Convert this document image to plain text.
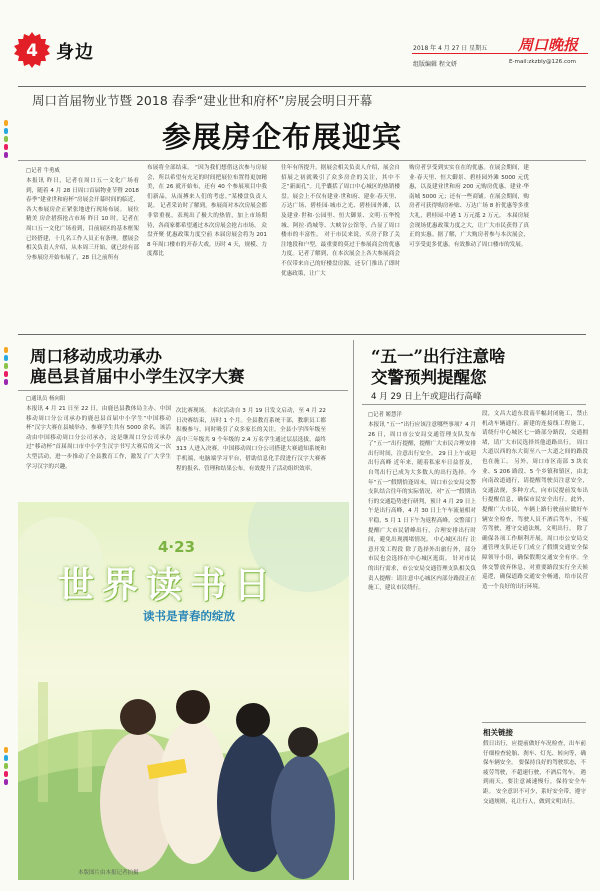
4 身边	2018 年 4 月 27 日 星期五 周口晚报
组版编辑 程文妍	E-mail:zkzbly@126.com
周口首届物业节暨 2018 春季“建业世和府杯”房展会明日开幕
参展房企布展迎宾
□记者 牛勇威
本报讯 昨日，记者在周口五一文化广场看到，随着 4 月 28 日周口首届物业节暨 2018 春季“建业世和府杯”房展会开幕时间的临近，各大参展房企正紧张地进行现场布展。 展位精美 房企措捞抢占市场 昨日 10 时，记者在周口五一文化广场看到，目前展区的基本框架已经搭建，十几名工作人员正有条理。摆展会相关负责人介绍，从本周三开始，就已经有部分参展房开始布展了，28 日之前所有
布展将全部结束。 “因为我们想借这次参与房展会，所以希望有充足的时间把展位布置得更加精美，在 26 就开始布，还有 40 个参展项目中我们新品，从而搏来人们的考虑。”某楼盘负责人说。 记者采访时了解到，参展商对本次房展会都非常重视，表现出了极大的热情，加上市场期待，各商家都希望通过本次房展会抢占市场。 众盘齐聚 优惠政策力度空前 本届房展会将为 2018 年周口楼市的开春大戏，历时 4 天，规模、力度都比
往年有所提升。据展会相关负责人介绍，展会自招展之初就吸引了众多房企的关注，其中不乏“新面孔”。几乎囊括了周口中心城区的热销楼盘。展会上不仅有建业·世和府、建业·春天里、万达广场、碧桂园·城市之光、碧桂园外滩，以及建业·世和·公园里、恒大御景、文明·五华悦城、阿拉·尚城等、大峡谷公馆等，凸显了周口楼市的丰富性。 对于市民来说，买房子除了关注地段和户型，最重要的莫过于参展商会的优惠力度。记者了解到，在本次展会上各大参展商会不仅带来自己的好楼盘房源，还专门推出了即时优惠政策，让广大
购房者享受到实实在在的优惠。在展会期间，建业·春天里、恒大御景、碧桂园外滩 5000 元优惠，以及建业世和府 200 元购房优惠、建业·华南城 5000 元；还有一些商铺。在展会期间，购房者可获得购房补贴、万达广场 8 折优惠等多重大礼，碧桂园·中港 1 万元抵 2 万元。 本届房展会现场优惠政策力度之大，让广大市民获得了真正的实惠。据了解，广大购房者参与本次展会，可享受更多优惠，有效推动了周口楼市的发展。
周口移动成功承办
鹿邑县首届中小学生汉字大赛
□通讯员 杨向阳
本报讯 4 月 21 日至 22 日，由鹿邑县教体局主办、中国移动周口分公司承办的鹿邑县首届中小学生“中国移动杯”汉字大赛在县城举办，参赛学生共有 5000 余名。该活动由中国移动周口分公司承办，这是继周口分公司承办过“移动杯”首届周口市中小学生汉字书写大赛后的又一次大型活动，进一步推动了全县教育工作，激发了广大学生学习汉字的兴趣。
次比赛现场。 本次活动自 3 月 19 日发文启动，至 4 月 22 日决赛结束，历时 1 个月。全县教育系统干部，教职员工都积极参与，同时吸引了众多家长的关注。全县小学四年级至高中三年级共 9 个年级的 2.4 万名学生通过层层选拔，最终 313 人进入决赛。中国移动周口分公司搭建大赛通知系统和手机端，电脑端学习平台，借助信息化手段进行汉字大赛赛程的报名、管理和结果公布，有效提升了活动组织效率。
4·23
世界读书日
读书是青春的绽放
本版图片由本报记者拍摄
“五一”出行注意啥
交警预判提醒您
4 月 29 日上午或迎出行高峰
□记者 姬慧洋
本报讯 “五一”出行应该注意哪些事项？4 月 26 日，周口市公安局交通管理支队发布了“五一”出行提醒，提醒广大市民合理安排出行时间，注意出行安全。 29 日上午或迎出行高峰 近年来，随着私家车日益普及，自驾出行已成为大多数人的出行选择。今年“五一”假期恰逢周末，周口市公安局交警支队结合往年的实际情况，对“五一”假期出行的交通趋势进行研判，预计 4 月 29 日上午是出行高峰，4 月 30 日上午车流量相对平稳，5 月 1 日下午为返程高峰。交警部门提醒广大市民错峰出行，合理安排出行时间，避免出现拥堵情况。 中心城区出行 注意开发工程段 除了选择外出旅行外，部分市民也会选择在中心城区逛街。 针对市民的出行需求，市公安局交通管理支队相关负责人提醒：请注意中心城区内部分路段正在施工，建议市民绕行。
段，文昌大道东段南半幅封闭施工，禁止机动车辆通行。新建的连接线工程施工，请绕行中心城区七一路部分路段，交通拥堵，请广大市民选择其他道路出行。 周口大道以西的东大街至八一大道之间的路段也在施工。 另外，周口市区南部 3 块农业、S 206 路段、5 个乡镇和镇区，由北向南改道通行，请提醒驾驶员注意安全，交通法规，多种方式，向市民提前发布出行提醒信息，确保市民安全出行。此外，提醒广大市民，车辆上路行驶前应做好车辆安全检查，驾驶人员不酒后驾车，不疲劳驾驶，遵守交通法规，文明出行。 除了确保各项工作顺利开展，周口市公安局交通管理支队还专门成立了假期交通安全保障领导小组，确保假期交通安全有序。全体交警放弃休息，对重要路段实行全天候巡逻，确保道路交通安全畅通，给市民营造一个良好的出行环境。
相关链接
假日出行，应提前做好车况检查，出车前仔细检查轮胎、刹车、灯光、转向等，确保车辆安全。 要保持良好的驾驶状态，不疲劳驾驶，不超速行驶，不酒后驾车。 遇到雨天，要注意减速慢行，保持安全车距。 安全意识不可少，系好安全带，遵守交通规则，礼让行人，做到文明出行。
